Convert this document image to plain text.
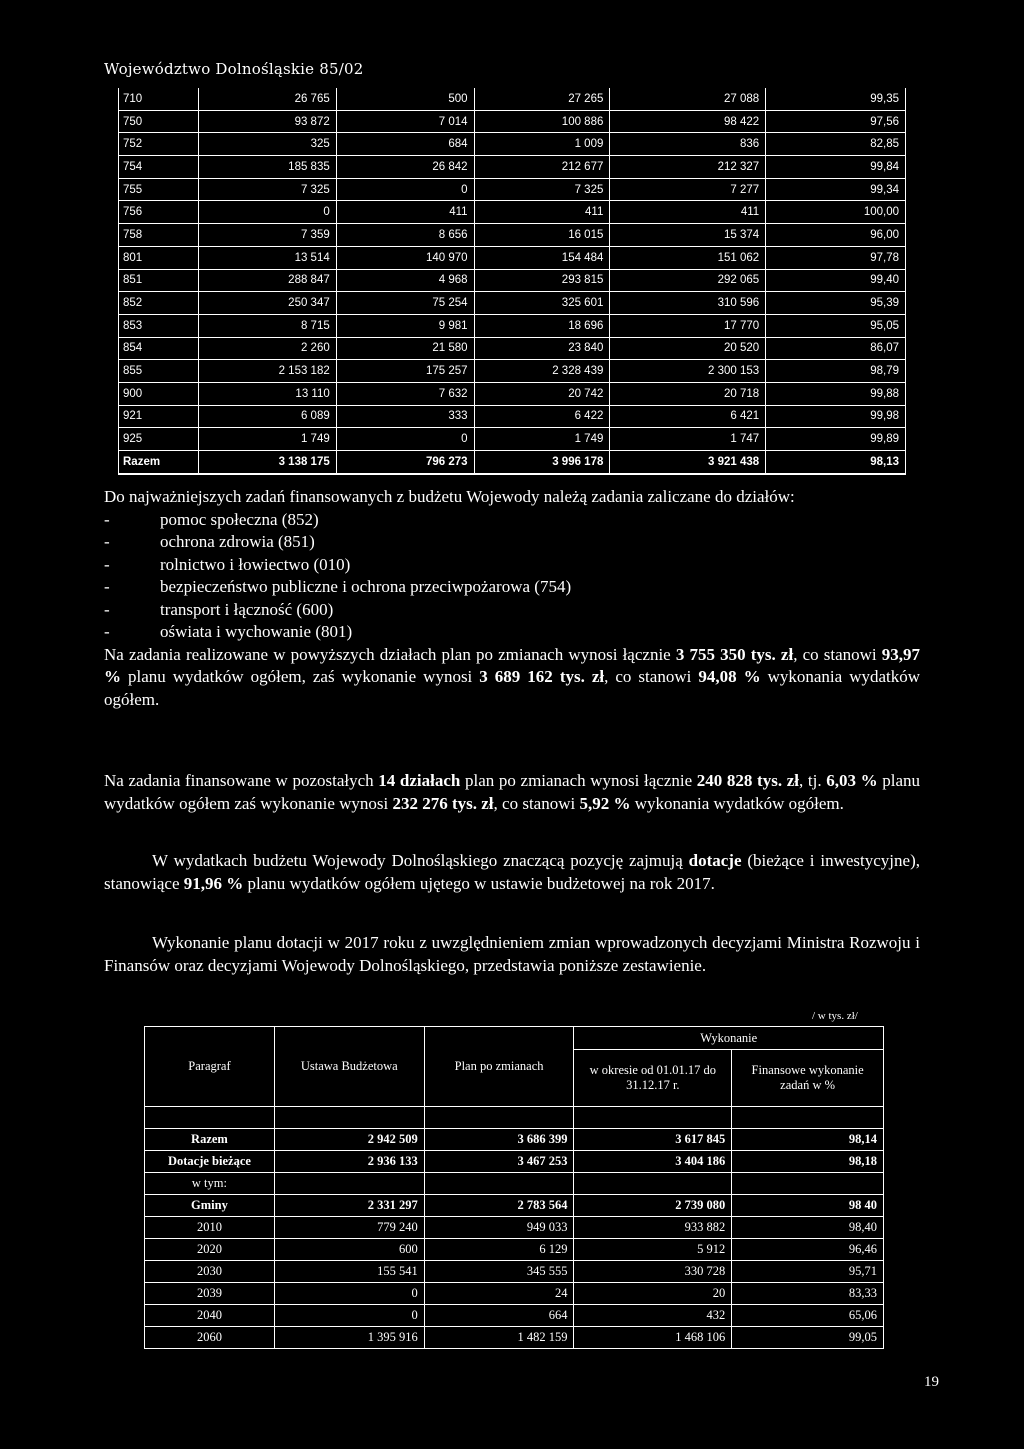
Województwo Dolnośląskie 85/02
710	26 765	500	27 265	27 088	99,35
750	93 872	7 014	100 886	98 422	97,56
752	325	684	1 009	836	82,85
754	185 835	26 842	212 677	212 327	99,84
755	7 325	0	7 325	7 277	99,34
756	0	411	411	411	100,00
758	7 359	8 656	16 015	15 374	96,00
801	13 514	140 970	154 484	151 062	97,78
851	288 847	4 968	293 815	292 065	99,40
852	250 347	75 254	325 601	310 596	95,39
853	8 715	9 981	18 696	17 770	95,05
854	2 260	21 580	23 840	20 520	86,07
855	2 153 182	175 257	2 328 439	2 300 153	98,79
900	13 110	7 632	20 742	20 718	99,88
921	6 089	333	6 422	6 421	99,98
925	1 749	0	1 749	1 747	99,89
Razem	3 138 175	796 273	3 996 178	3 921 438	98,13

Do najważniejszych zadań finansowanych z budżetu Wojewody należą zadania zaliczane do działów:

-	pomoc społeczna (852)
-	ochrona zdrowia (851)
-	rolnictwo i łowiectwo (010)
-	bezpieczeństwo publiczne i ochrona przeciwpożarowa (754)
-	transport i łączność (600)
-	oświata i wychowanie (801)

Na zadania realizowane w powyższych działach plan po zmianach wynosi łącznie 3 755 350 tys. zł, co stanowi 93,97 % planu wydatków ogółem, zaś wykonanie wynosi 3 689 162 tys. zł, co stanowi 94,08 % wykonania wydatków ogółem.

Na zadania finansowane w pozostałych 14 działach plan po zmianach wynosi łącznie 240 828 tys. zł, tj. 6,03 % planu wydatków ogółem zaś wykonanie wynosi 232 276 tys. zł, co stanowi 5,92 % wykonania wydatków ogółem.

W wydatkach budżetu Wojewody Dolnośląskiego znaczącą pozycję zajmują dotacje (bieżące i inwestycyjne), stanowiące 91,96 % planu wydatków ogółem ujętego w ustawie budżetowej na rok 2017.

Wykonanie planu dotacji w 2017 roku z uwzględnieniem zmian wprowadzonych decyzjami Ministra Rozwoju i Finansów oraz decyzjami Wojewody Dolnośląskiego, przedstawia poniższe zestawienie.

/ w tys. zł/
Paragraf	Ustawa Budżetowa	Plan po zmianach	Wykonanie	
			w okresie od 01.01.17 do 31.12.17 r.	Finansowe wykonanie zadań w %

Razem	2 942 509	3 686 399	3 617 845	98,14
Dotacje bieżące	2 936 133	3 467 253	3 404 186	98,18
w tym:				
Gminy	2 331 297	2 783 564	2 739 080	98 40
2010	779 240	949 033	933 882	98,40
2020	600	6 129	5 912	96,46
2030	155 541	345 555	330 728	95,71
2039	0	24	20	83,33
2040	0	664	432	65,06
2060	1 395 916	1 482 159	1 468 106	99,05
19
